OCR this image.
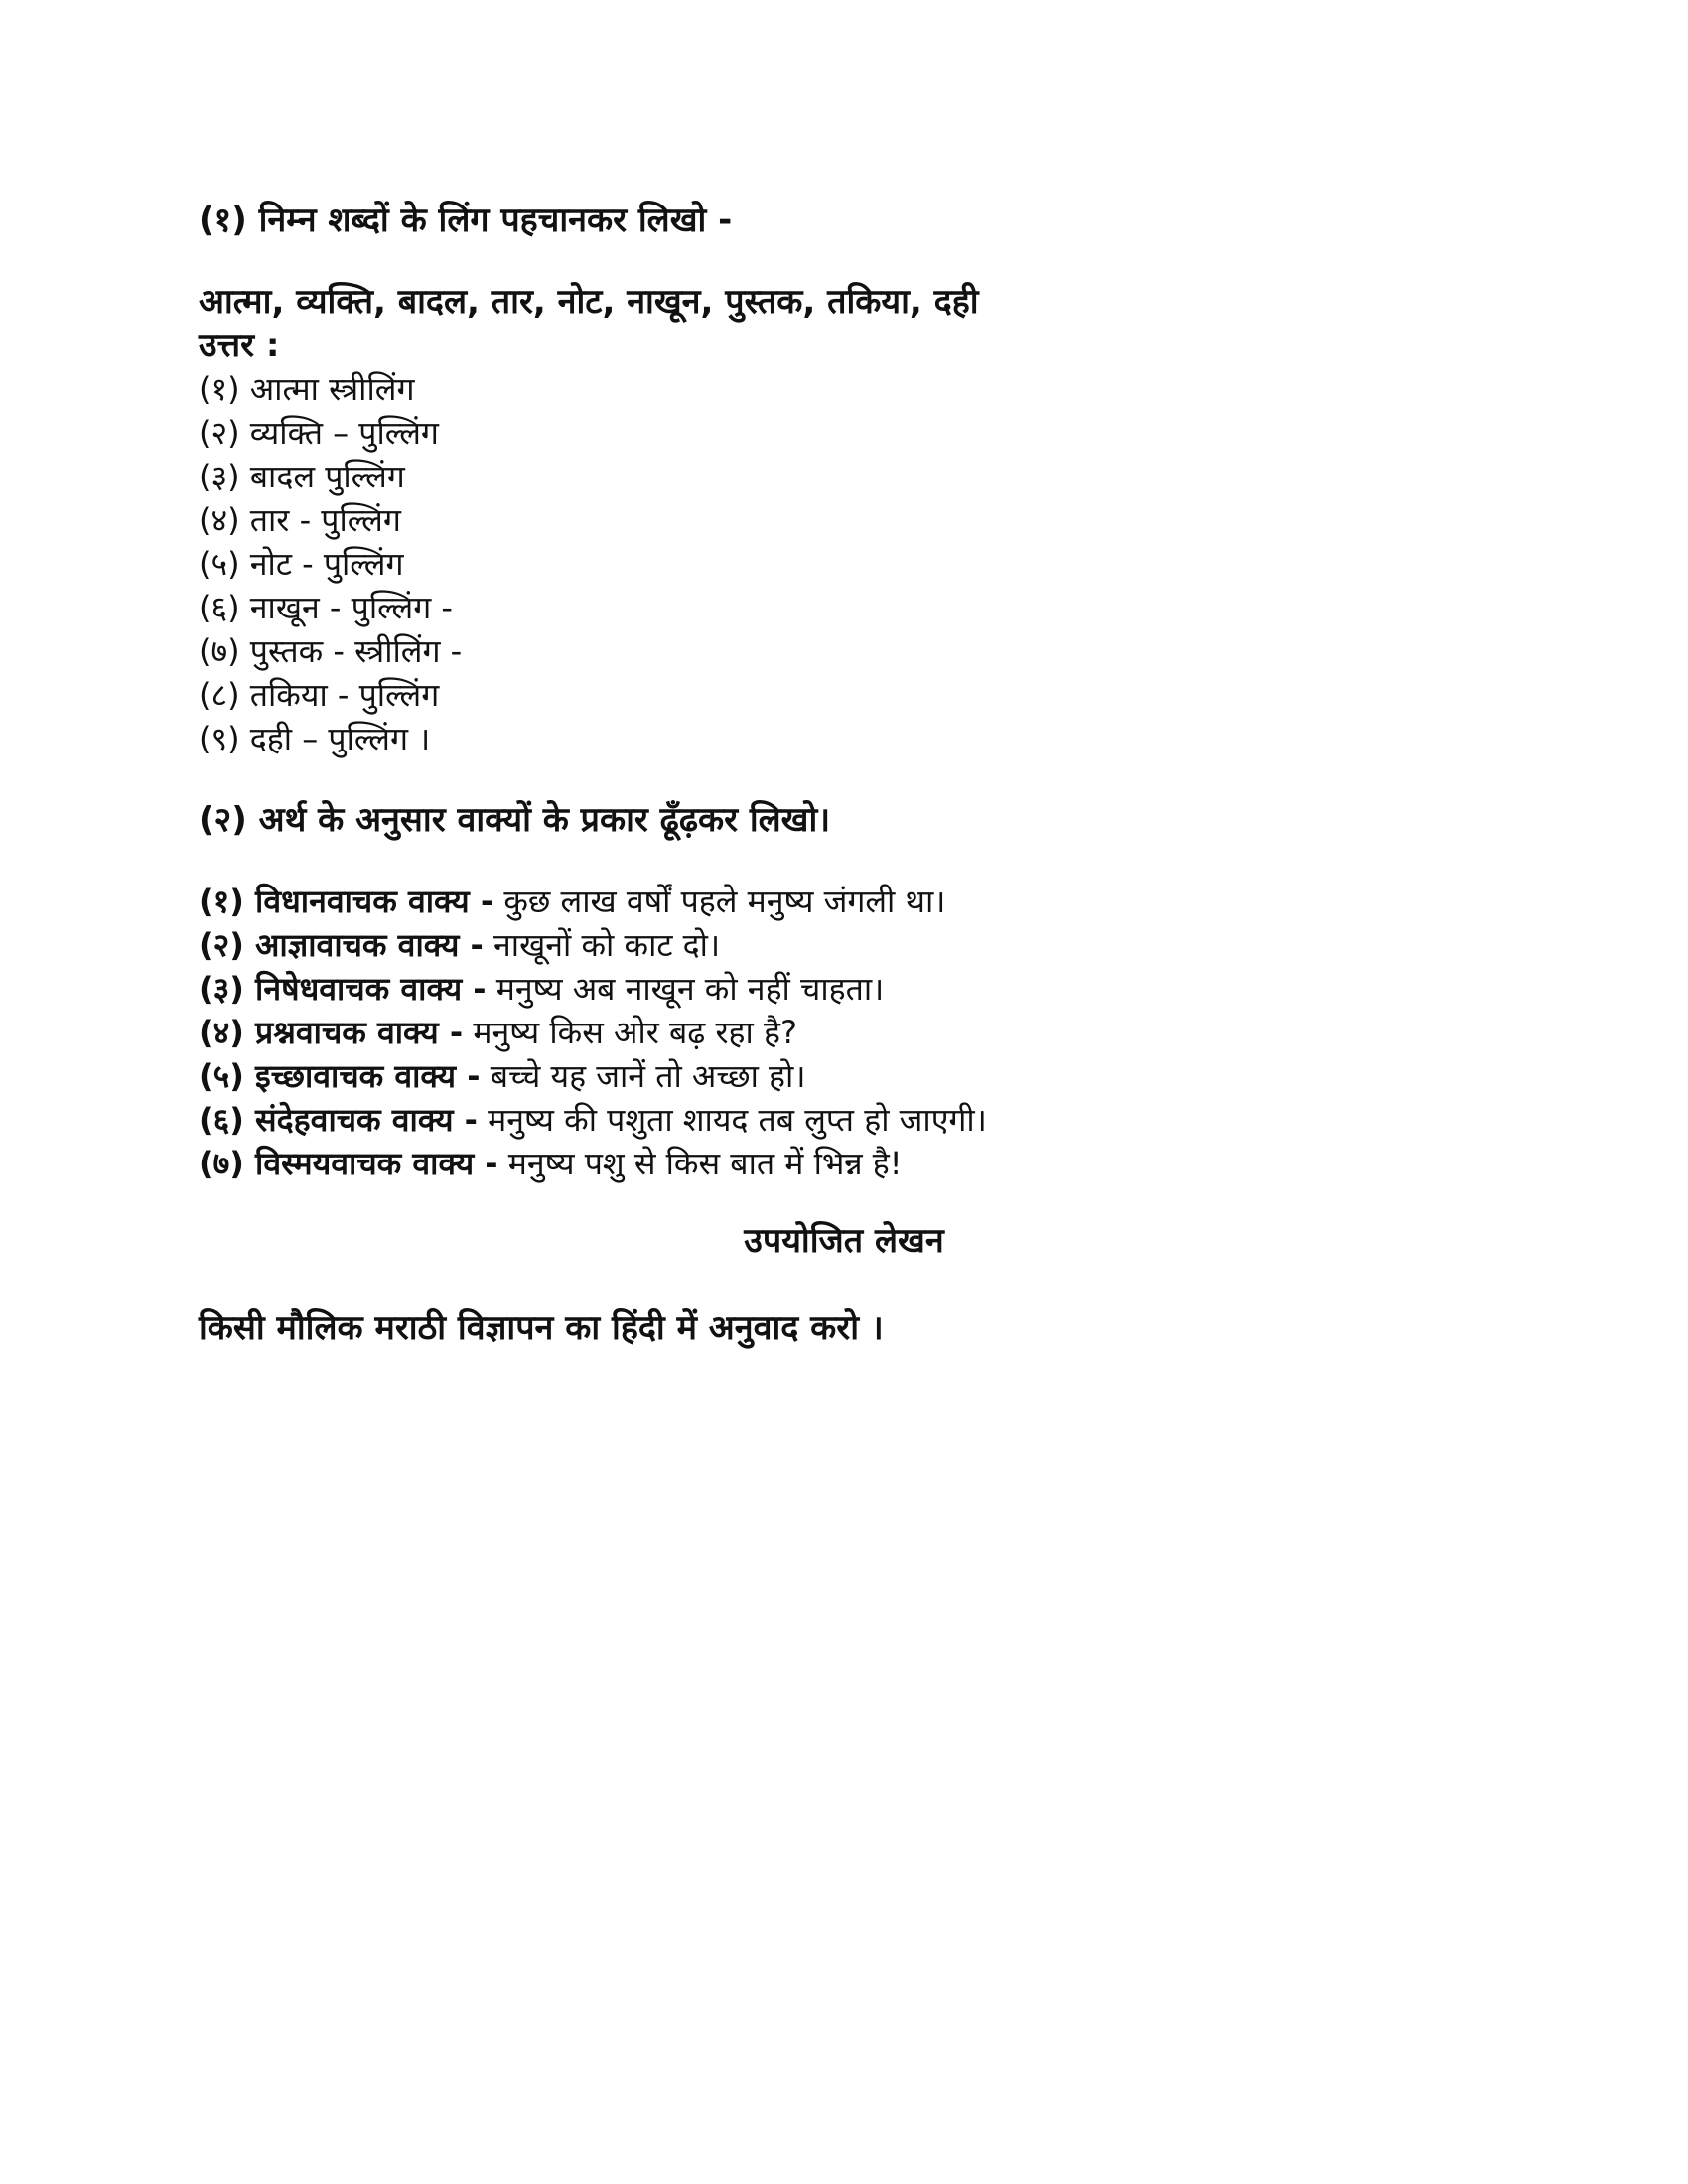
(१) निम्न शब्दों के लिंग पहचानकर लिखो -
आत्मा, व्यक्ति, बादल, तार, नोट, नाखून, पुस्तक, तकिया, दही
उत्तर :
(१) आत्मा स्त्रीलिंग
(२) व्यक्ति – पुल्लिंग
(३) बादल पुल्लिंग
(४) तार - पुल्लिंग
(५) नोट - पुल्लिंग
(६) नाखून - पुल्लिंग -
(७) पुस्तक - स्त्रीलिंग -
(८) तकिया - पुल्लिंग
(९) दही – पुल्लिंग ।
(२) अर्थ के अनुसार वाक्यों के प्रकार ढूँढ़कर लिखो।
(१) विधानवाचक वाक्य - कुछ लाख वर्षों पहले मनुष्य जंगली था।
(२) आज्ञावाचक वाक्य - नाखूनों को काट दो।
(३) निषेधवाचक वाक्य - मनुष्य अब नाखून को नहीं चाहता।
(४) प्रश्नवाचक वाक्य - मनुष्य किस ओर बढ़ रहा है?
(५) इच्छावाचक वाक्य - बच्चे यह जानें तो अच्छा हो।
(६) संदेहवाचक वाक्य - मनुष्य की पशुता शायद तब लुप्त हो जाएगी।
(७) विस्मयवाचक वाक्य - मनुष्य पशु से किस बात में भिन्न है!
उपयोजित लेखन
किसी मौलिक मराठी विज्ञापन का हिंदी में अनुवाद करो ।
